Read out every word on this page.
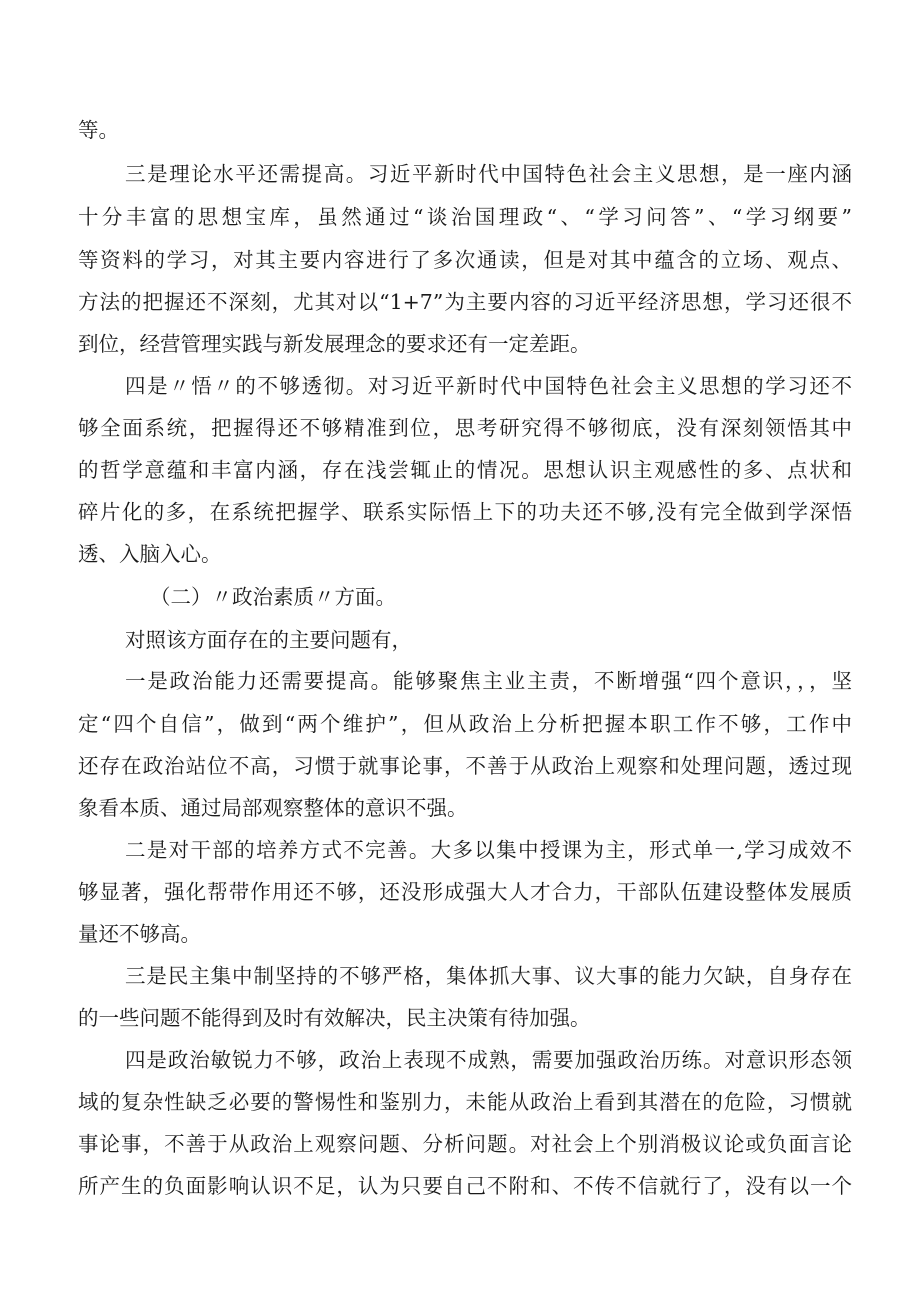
等。

三是理论水平还需提高。习近平新时代中国特色社会主义思想，是一座内涵

十分丰富的思想宝库，虽然通过“谈治国理政“、“学习问答”、“学习纲要”

等资料的学习，对其主要内容进行了多次通读，但是对其中蕴含的立场、观点、

方法的把握还不深刻，尤其对以“1+7”为主要内容的习近平经济思想，学习还很不

到位，经营管理实践与新发展理念的要求还有一定差距。

四是〃悟〃的不够透彻。对习近平新时代中国特色社会主义思想的学习还不

够全面系统，把握得还不够精准到位，思考研究得不够彻底，没有深刻领悟其中

的哲学意蕴和丰富内涵，存在浅尝辄止的情况。思想认识主观感性的多、点状和

碎片化的多，在系统把握学、联系实际悟上下的功夫还不够,没有完全做到学深悟

透、入脑入心。

（二）〃政治素质〃方面。

对照该方面存在的主要问题有，

一是政治能力还需要提高。能够聚焦主业主责，不断增强“四个意识，，，坚

定“四个自信”，做到“两个维护”，但从政治上分析把握本职工作不够，工作中

还存在政治站位不高，习惯于就事论事，不善于从政治上观察和处理问题，透过现

象看本质、通过局部观察整体的意识不强。

二是对干部的培养方式不完善。大多以集中授课为主，形式单一,学习成效不

够显著，强化帮带作用还不够，还没形成强大人才合力，干部队伍建设整体发展质

量还不够高。

三是民主集中制坚持的不够严格，集体抓大事、议大事的能力欠缺，自身存在

的一些问题不能得到及时有效解决，民主决策有待加强。

四是政治敏锐力不够，政治上表现不成熟，需要加强政治历练。对意识形态领

域的复杂性缺乏必要的警惕性和鉴别力，未能从政治上看到其潜在的危险，习惯就

事论事，不善于从政治上观察问题、分析问题。对社会上个别消极议论或负面言论

所产生的负面影响认识不足，认为只要自己不附和、不传不信就行了，没有以一个
